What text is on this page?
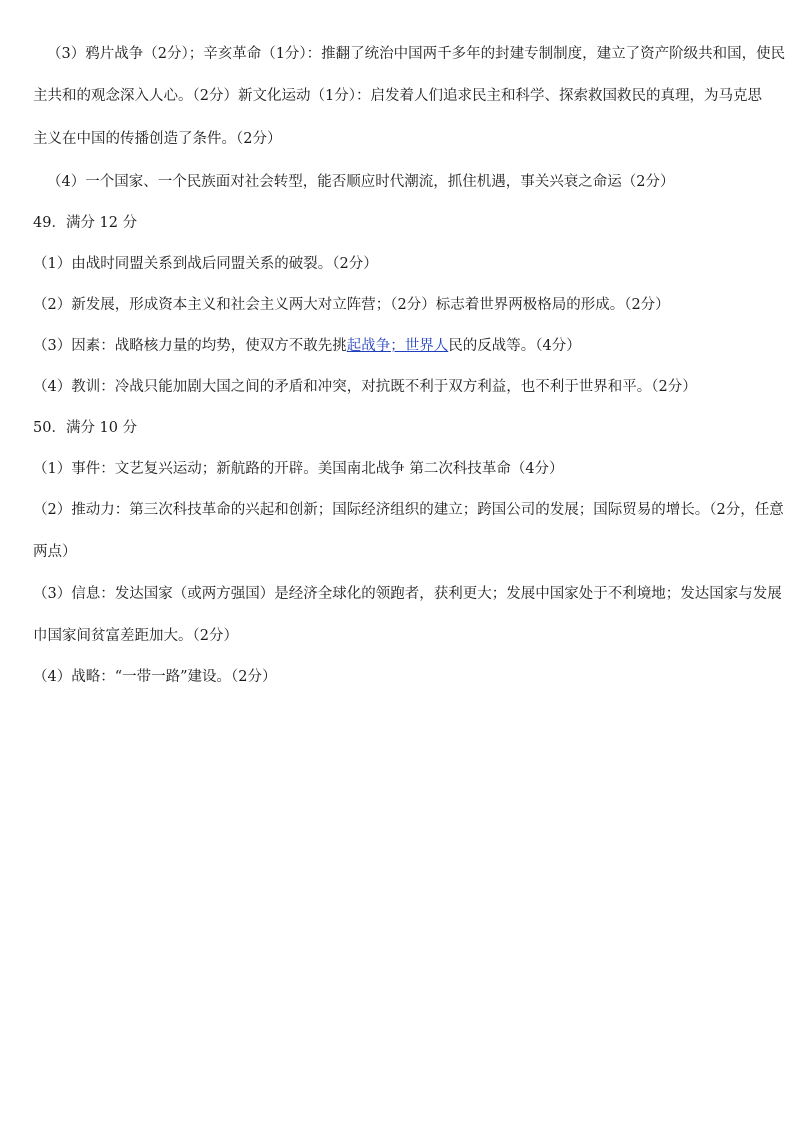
（3）鸦片战争（2分）；辛亥革命（1分）：推翻了统治中国两千多年的封建专制制度，建立了资产阶级共和国，使民

主共和的观念深入人心。（2分）新文化运动（1分）：启发着人们追求民主和科学、探索救国救民的真理，为马克思

主义在中国的传播创造了条件。（2分）

（4）一个国家、一个民族面对社会转型，能否顺应时代潮流，抓住机遇，事关兴衰之命运（2分）

49．满分 12 分

（1）由战时同盟关系到战后同盟关系的破裂。（2分）

（2）新发展，形成资本主义和社会主义两大对立阵营；（2分）标志着世界两极格局的形成。（2分）

（3）因素：战略核力量的均势，使双方不敢先挑起战争；世界人民的反战等。（4分）

（4）教训：冷战只能加剧大国之间的矛盾和冲突，对抗既不利于双方利益，也不利于世界和平。（2分）

50．满分 10 分

（1）事件：文艺复兴运动；新航路的开辟。美国南北战争 第二次科技革命（4分）

（2）推动力：第三次科技革命的兴起和创新；国际经济组织的建立；跨国公司的发展；国际贸易的增长。（2分，任意

两点）

（3）信息：发达国家（或两方强国）是经济全球化的领跑者，获利更大；发展中国家处于不利境地；发达国家与发展

巾国家间贫富差距加大。（2分）

（4）战略：“一带一路”建设。（2分）
